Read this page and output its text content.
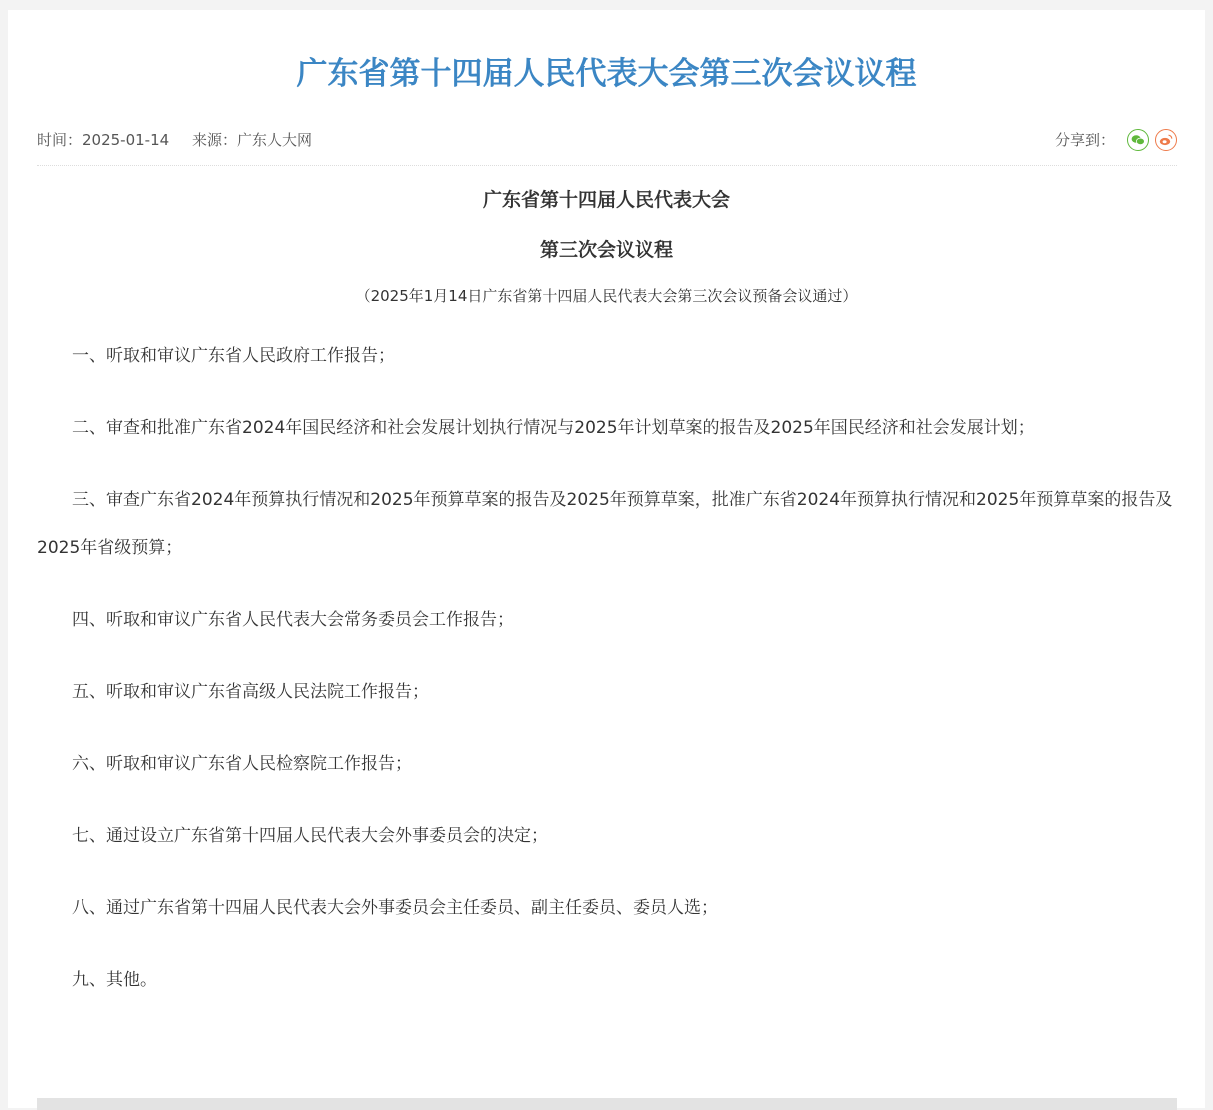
广东省第十四届人民代表大会第三次会议议程
时间：2025-01-14 来源：广东人大网	分享到：
广东省第十四届人民代表大会
第三次会议议程
（2025年1月14日广东省第十四届人民代表大会第三次会议预备会议通过）

一、听取和审议广东省人民政府工作报告；

二、审查和批准广东省2024年国民经济和社会发展计划执行情况与2025年计划草案的报告及2025年国民经济和社会发展计划；

三、审查广东省2024年预算执行情况和2025年预算草案的报告及2025年预算草案，批准广东省2024年预算执行情况和2025年预算草案的报告及2025年省级预算；

四、听取和审议广东省人民代表大会常务委员会工作报告；

五、听取和审议广东省高级人民法院工作报告；

六、听取和审议广东省人民检察院工作报告；

七、通过设立广东省第十四届人民代表大会外事委员会的决定；

八、通过广东省第十四届人民代表大会外事委员会主任委员、副主任委员、委员人选；

九、其他。
